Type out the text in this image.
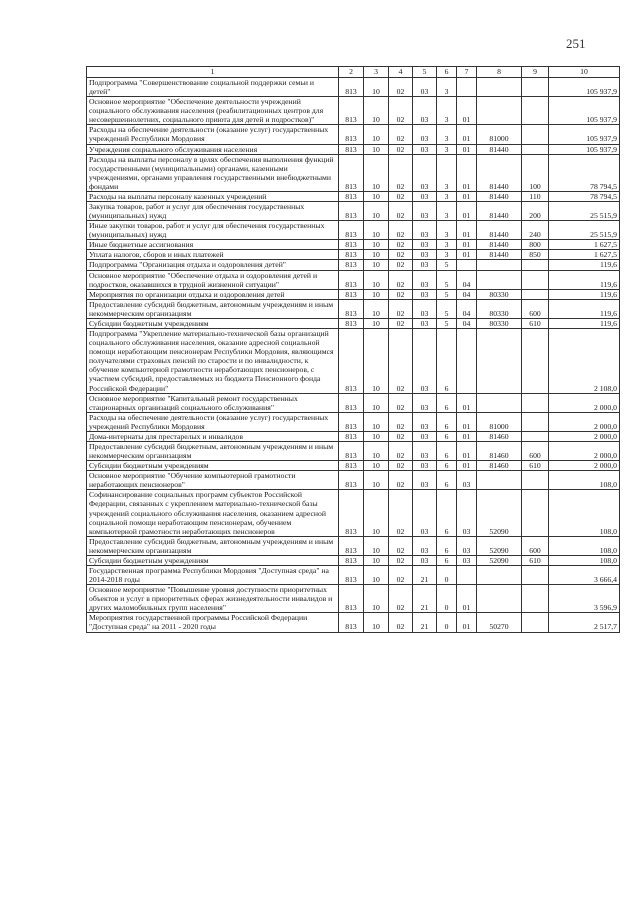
251
1	2	3	4	5	6	7	8	9	10
Подпрограмма "Совершенствование социальной поддержки семьи и детей"	813	10	02	03	3				105 937,9
Основное мероприятие "Обеспечение деятельности учреждений социального обслуживания населения (реабилитационных центров для несовершеннолетних, социального приюта для детей и подростков)"	813	10	02	03	3	01			105 937,9
Расходы на обеспечение деятельности (оказание услуг) государственных учреждений Республики Мордовия	813	10	02	03	3	01	81000		105 937,9
Учреждения социального обслуживания населения	813	10	02	03	3	01	81440		105 937,9
Расходы на выплаты персоналу в целях обеспечения выполнения функций государственными (муниципальными) органами, казенными учреждениями, органами управления государственными внебюджетными фондами	813	10	02	03	3	01	81440	100	78 794,5
Расходы на выплаты персоналу казенных учреждений	813	10	02	03	3	01	81440	110	78 794,5
Закупка товаров, работ и услуг для обеспечения государственных (муниципальных) нужд	813	10	02	03	3	01	81440	200	25 515,9
Иные закупки товаров, работ и услуг для обеспечения государственных (муниципальных) нужд	813	10	02	03	3	01	81440	240	25 515,9
Иные бюджетные ассигнования	813	10	02	03	3	01	81440	800	1 627,5
Уплата налогов, сборов и иных платежей	813	10	02	03	3	01	81440	850	1 627,5
Подпрограмма "Организация отдыха и оздоровления детей"	813	10	02	03	5				119,6
Основное мероприятие "Обеспечение отдыха и оздоровления детей и подростков, оказавшихся в трудной жизненной ситуации"	813	10	02	03	5	04			119,6
Мероприятия по организации отдыха и оздоровления детей	813	10	02	03	5	04	80330		119,6
Предоставление субсидий бюджетным, автономным учреждениям и иным некоммерческим организациям	813	10	02	03	5	04	80330	600	119,6
Субсидии бюджетным учреждениям	813	10	02	03	5	04	80330	610	119,6
Подпрограмма "Укрепление материально-технической базы организаций социального обслуживания населения, оказание адресной социальной помощи неработающим пенсионерам Республики Мордовия, являющимся получателями страховых пенсий по старости и по инвалидности, к обучение компьютерной грамотности неработающих пенсионеров, с участием субсидий, предоставляемых из бюджета Пенсионного фонда Российской Федерации"	813	10	02	03	6				2 108,0
Основное мероприятие "Капитальный ремонт государственных стационарных организаций социального обслуживания"	813	10	02	03	6	01			2 000,0
Расходы на обеспечение деятельности (оказание услуг) государственных учреждений Республики Мордовия	813	10	02	03	6	01	81000		2 000,0
Дома-интернаты для престарелых и инвалидов	813	10	02	03	6	01	81460		2 000,0
Предоставление субсидий бюджетным, автономным учреждениям и иным некоммерческим организациям	813	10	02	03	6	01	81460	600	2 000,0
Субсидии бюджетным учреждениям	813	10	02	03	6	01	81460	610	2 000,0
Основное мероприятие "Обучение компьютерной грамотности неработающих пенсионеров"	813	10	02	03	6	03			108,0
Софинансирование социальных программ субъектов Российской Федерации, связанных с укреплением материально-технической базы учреждений социального обслуживания населения, оказанием адресной социальной помощи неработающим пенсионерам, обучением компьютерной грамотности неработающих пенсионеров	813	10	02	03	6	03	52090		108,0
Предоставление субсидий бюджетным, автономным учреждениям и иным некоммерческим организациям	813	10	02	03	6	03	52090	600	108,0
Субсидии бюджетным учреждениям	813	10	02	03	6	03	52090	610	108,0
Государственная программа Республики Мордовия "Доступная среда" на 2014-2018 годы	813	10	02	21	0				3 666,4
Основное мероприятие "Повышение уровня доступности приоритетных объектов и услуг в приоритетных сферах жизнедеятельности инвалидов и других маломобильных групп населения"	813	10	02	21	0	01			3 596,9
Мероприятия государственной программы Российской Федерации "Доступная среда" на 2011 - 2020 годы	813	10	02	21	0	01	50270		2 517,7
